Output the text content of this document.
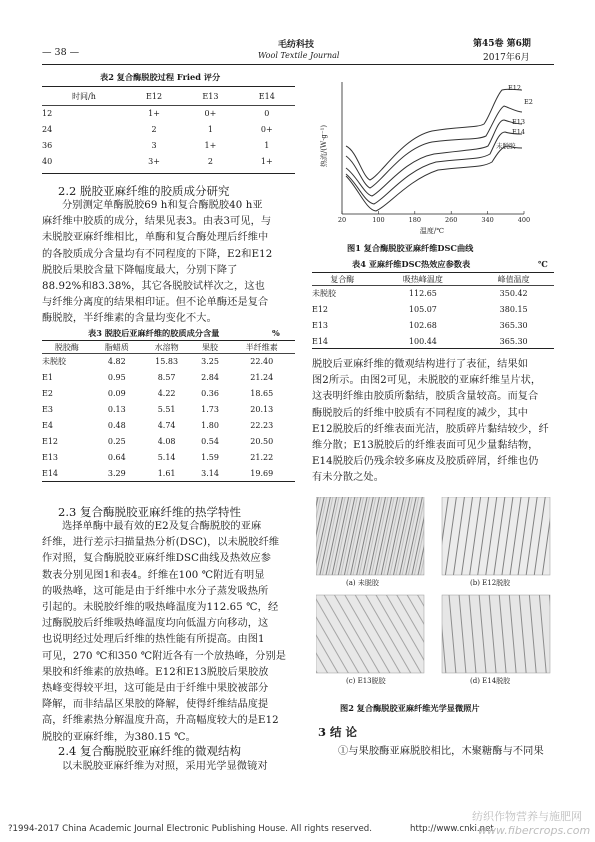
— 38 —
毛纺科技
Wool Textile Journal
第45卷 第6期
2017年6月
表2 复合酶脱胶过程 Fried 评分
时间/h	E12	E13	E14
12	1+	0+	0
24	2	1	0+
36	3	1+	1
40	3+	2	1+
2.2 脱胶亚麻纤维的胶质成分研究

分别测定单酶脱胶69 h和复合酶脱胶40 h亚

麻纤维中胶质的成分，结果见表3。由表3可见，与

未脱胶亚麻纤维相比，单酶和复合酶处理后纤维中

的各胶质成分含量均有不同程度的下降，E2和E12

脱胶后果胶含量下降幅度最大，分别下降了

88.92%和83.38%，其它各脱胶试样次之，这也

与纤维分离度的结果相印证。但不论单酶还是复合

酶脱胶，半纤维素的含量均变化不大。

表3 脱胶后亚麻纤维的胶质成分含量	%
脱胶酶	脂蜡质	水溶物	果胶	半纤维素
未脱胶	4.82	15.83	3.25	22.40
E1	0.95	8.57	2.84	21.24
E2	0.09	4.22	0.36	18.65
E3	0.13	5.51	1.73	20.13
E4	0.48	4.74	1.80	22.23
E12	0.25	4.08	0.54	20.50
E13	0.64	5.14	1.59	21.22
E14	3.29	1.61	3.14	19.69
2.3 复合酶脱胶亚麻纤维的热学特性

选择单酶中最有效的E2及复合酶脱胶的亚麻

纤维，进行差示扫描量热分析(DSC)，以未脱胶纤维

作对照，复合酶脱胶亚麻纤维DSC曲线及热效应参

数表分别见图1和表4。纤维在100 ℃附近有明显

的吸热峰，这可能是由于纤维中水分子蒸发吸热所

引起的。未脱胶纤维的吸热峰温度为112.65 ℃，经

过酶脱胶后纤维吸热峰温度均向低温方向移动，这

也说明经过处理后纤维的热性能有所提高。由图1

可见，270 ℃和350 ℃附近各有一个放热峰，分别是

果胶和纤维素的放热峰。E12和E13脱胶后果胶放

热峰变得较平坦，这可能是由于纤维中果胶被部分

降解，而非结晶区果胶的降解，使得纤维结晶度提

高，纤维素热分解温度升高，升高幅度较大的是E12

脱胶的亚麻纤维，为380.15 ℃。

2.4 复合酶脱胶亚麻纤维的微观结构

以未脱胶亚麻纤维为对照，采用光学显微镜对

20	100	180	260	340	400
E12
E2
E13
E14
未脱胶
热流/(W·g⁻¹)
温度/℃
图1 复合酶脱胶亚麻纤维DSC曲线
表4 亚麻纤维DSC热效应参数表	℃
复合酶	吸热峰温度	峰值温度
未脱胶	112.65	350.42
E12	105.07	380.15
E13	102.68	365.30
E14	100.44	365.30

脱胶后亚麻纤维的微观结构进行了表征，结果如

图2所示。由图2可见，未脱胶的亚麻纤维呈片状，

这表明纤维由胶质所黏结，胶质含量较高。而复合

酶脱胶后的纤维中胶质有不同程度的减少，其中

E12脱胶后的纤维表面光洁，胶质碎片黏结较少，纤

维分散；E13脱胶后的纤维表面可见少量黏结物，

E14脱胶后仍残余较多麻皮及胶质碎屑，纤维也仍

有未分散之处。

(a) 未脱胶	(b) E12脱胶
(c) E13脱胶	(d) E14脱胶
图2 复合酶脱胶亚麻纤维光学显微照片
3 结 论

①与果胶酶亚麻脱胶相比，木聚糖酶与不同果

?1994-2017 China Academic Journal Electronic Publishing House. All rights reserved.	http://www.cnki.net
纺织作物营养与施肥网
www.fibercrops.com
